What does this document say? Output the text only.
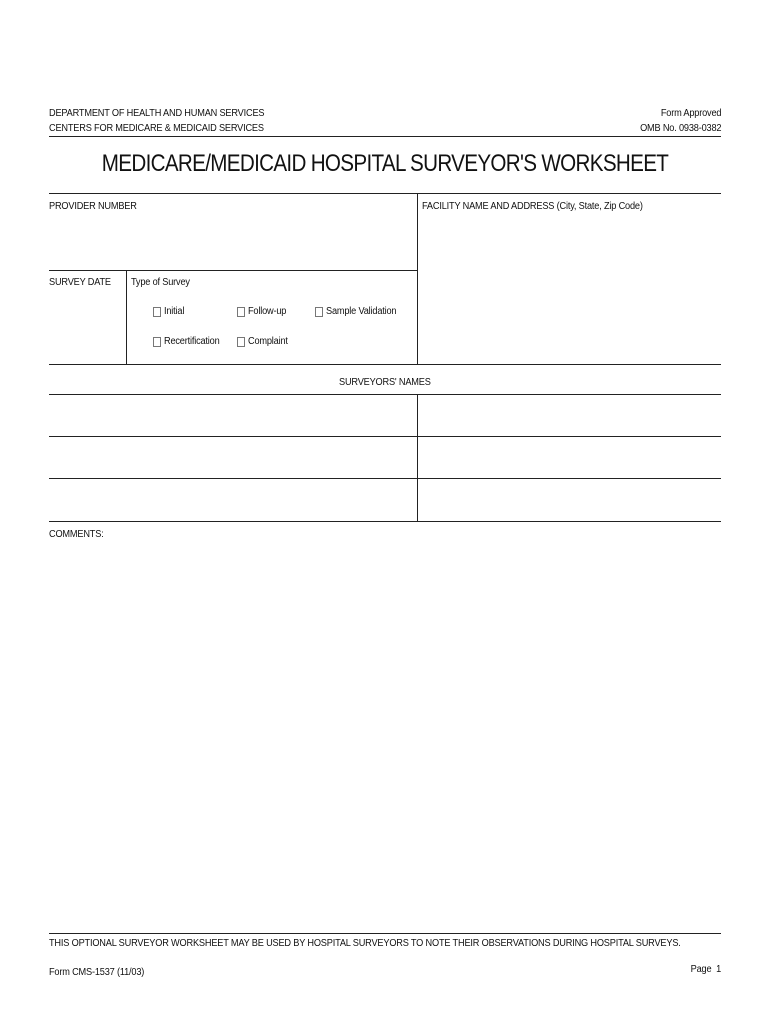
DEPARTMENT OF HEALTH AND HUMAN SERVICES
CENTERS FOR MEDICARE & MEDICAID SERVICES
Form Approved
OMB No. 0938-0382
MEDICARE/MEDICAID HOSPITAL SURVEYOR'S WORKSHEET
PROVIDER NUMBER	FACILITY NAME AND ADDRESS (City, State, Zip Code)
SURVEY DATE Type of Survey
Initial	Follow-up	Sample Validation
Recertification	Complaint
SURVEYORS' NAMES
COMMENTS:
THIS OPTIONAL SURVEYOR WORKSHEET MAY BE USED BY HOSPITAL SURVEYORS TO NOTE THEIR OBSERVATIONS DURING HOSPITAL SURVEYS.
Form CMS-1537 (11/03)	Page  1
